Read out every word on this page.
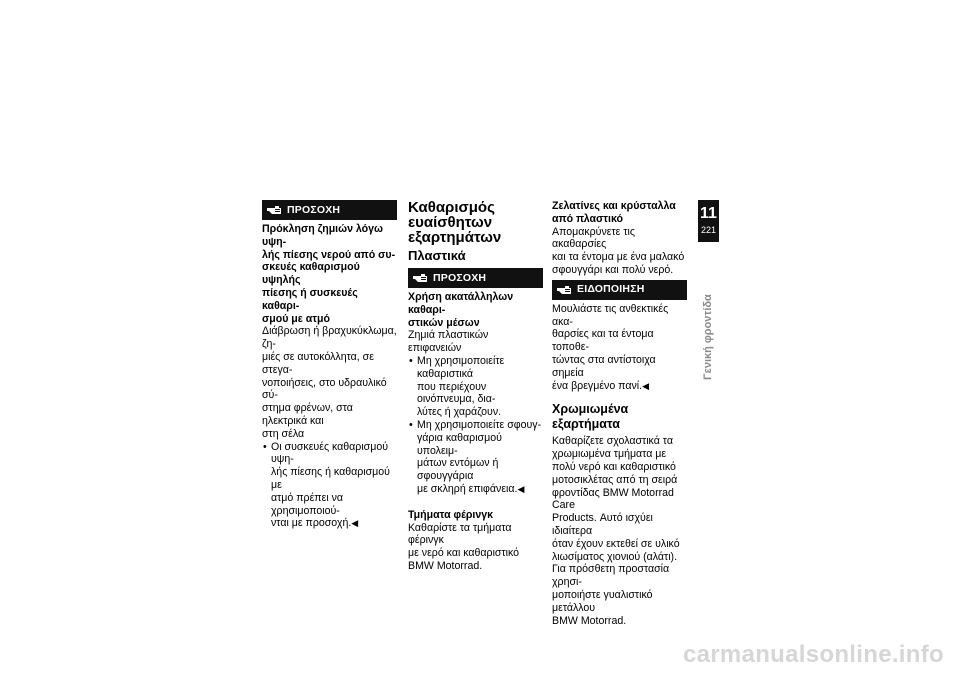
ΠΡΟΣΟΧΗ
Πρόκληση ζημιών λόγω υψη-
λής πίεσης νερού από συ-
σκευές καθαρισμού υψηλής
πίεσης ή συσκευές καθαρι-
σμού με ατμό
Διάβρωση ή βραχυκύκλωμα, ζη-
μιές σε αυτοκόλλητα, σε στεγα-
νοποιήσεις, στο υδραυλικό σύ-
στημα φρένων, στα ηλεκτρικά και
στη σέλα
• Οι συσκευές καθαρισμού υψη-
λής πίεσης ή καθαρισμού με
ατμό πρέπει να χρησιμοποιού-
νται με προσοχή.◀
Καθαρισμός
ευαίσθητων
εξαρτημάτων
Πλαστικά
ΠΡΟΣΟΧΗ
Χρήση ακατάλληλων καθαρι-
στικών μέσων
Ζημιά πλαστικών επιφανειών
• Μη χρησιμοποιείτε καθαριστικά
που περιέχουν οινόπνευμα, δια-
λύτες ή χαράζουν.
• Μη χρησιμοποιείτε σφουγ-
γάρια καθαρισμού υπολειμ-
μάτων εντόμων ή σφουγγάρια
με σκληρή επιφάνεια.◀
Τμήματα φέρινγκ
Καθαρίστε τα τμήματα φέρινγκ
με νερό και καθαριστικό
BMW Motorrad.
Ζελατίνες και κρύσταλλα
από πλαστικό
Απομακρύνετε τις ακαθαρσίες
και τα έντομα με ένα μαλακό
σφουγγάρι και πολύ νερό.
ΕΙΔΟΠΟΙΗΣΗ
Μουλιάστε τις ανθεκτικές ακα-
θαρσίες και τα έντομα τοποθε-
τώντας στα αντίστοιχα σημεία
ένα βρεγμένο πανί.◀
Χρωμιωμένα εξαρτήματα
Καθαρίζετε σχολαστικά τα
χρωμιωμένα τμήματα με
πολύ νερό και καθαριστικό
μοτοσικλέτας από τη σειρά
φροντίδας BMW Motorrad Care
Products. Αυτό ισχύει ιδιαίτερα
όταν έχουν εκτεθεί σε υλικό
λιωσίματος χιονιού (αλάτι).
Για πρόσθετη προστασία χρησι-
μοποιήστε γυαλιστικό μετάλλου
BMW Motorrad.
11
221
Γενική φροντίδα
carmanualsonline.info
